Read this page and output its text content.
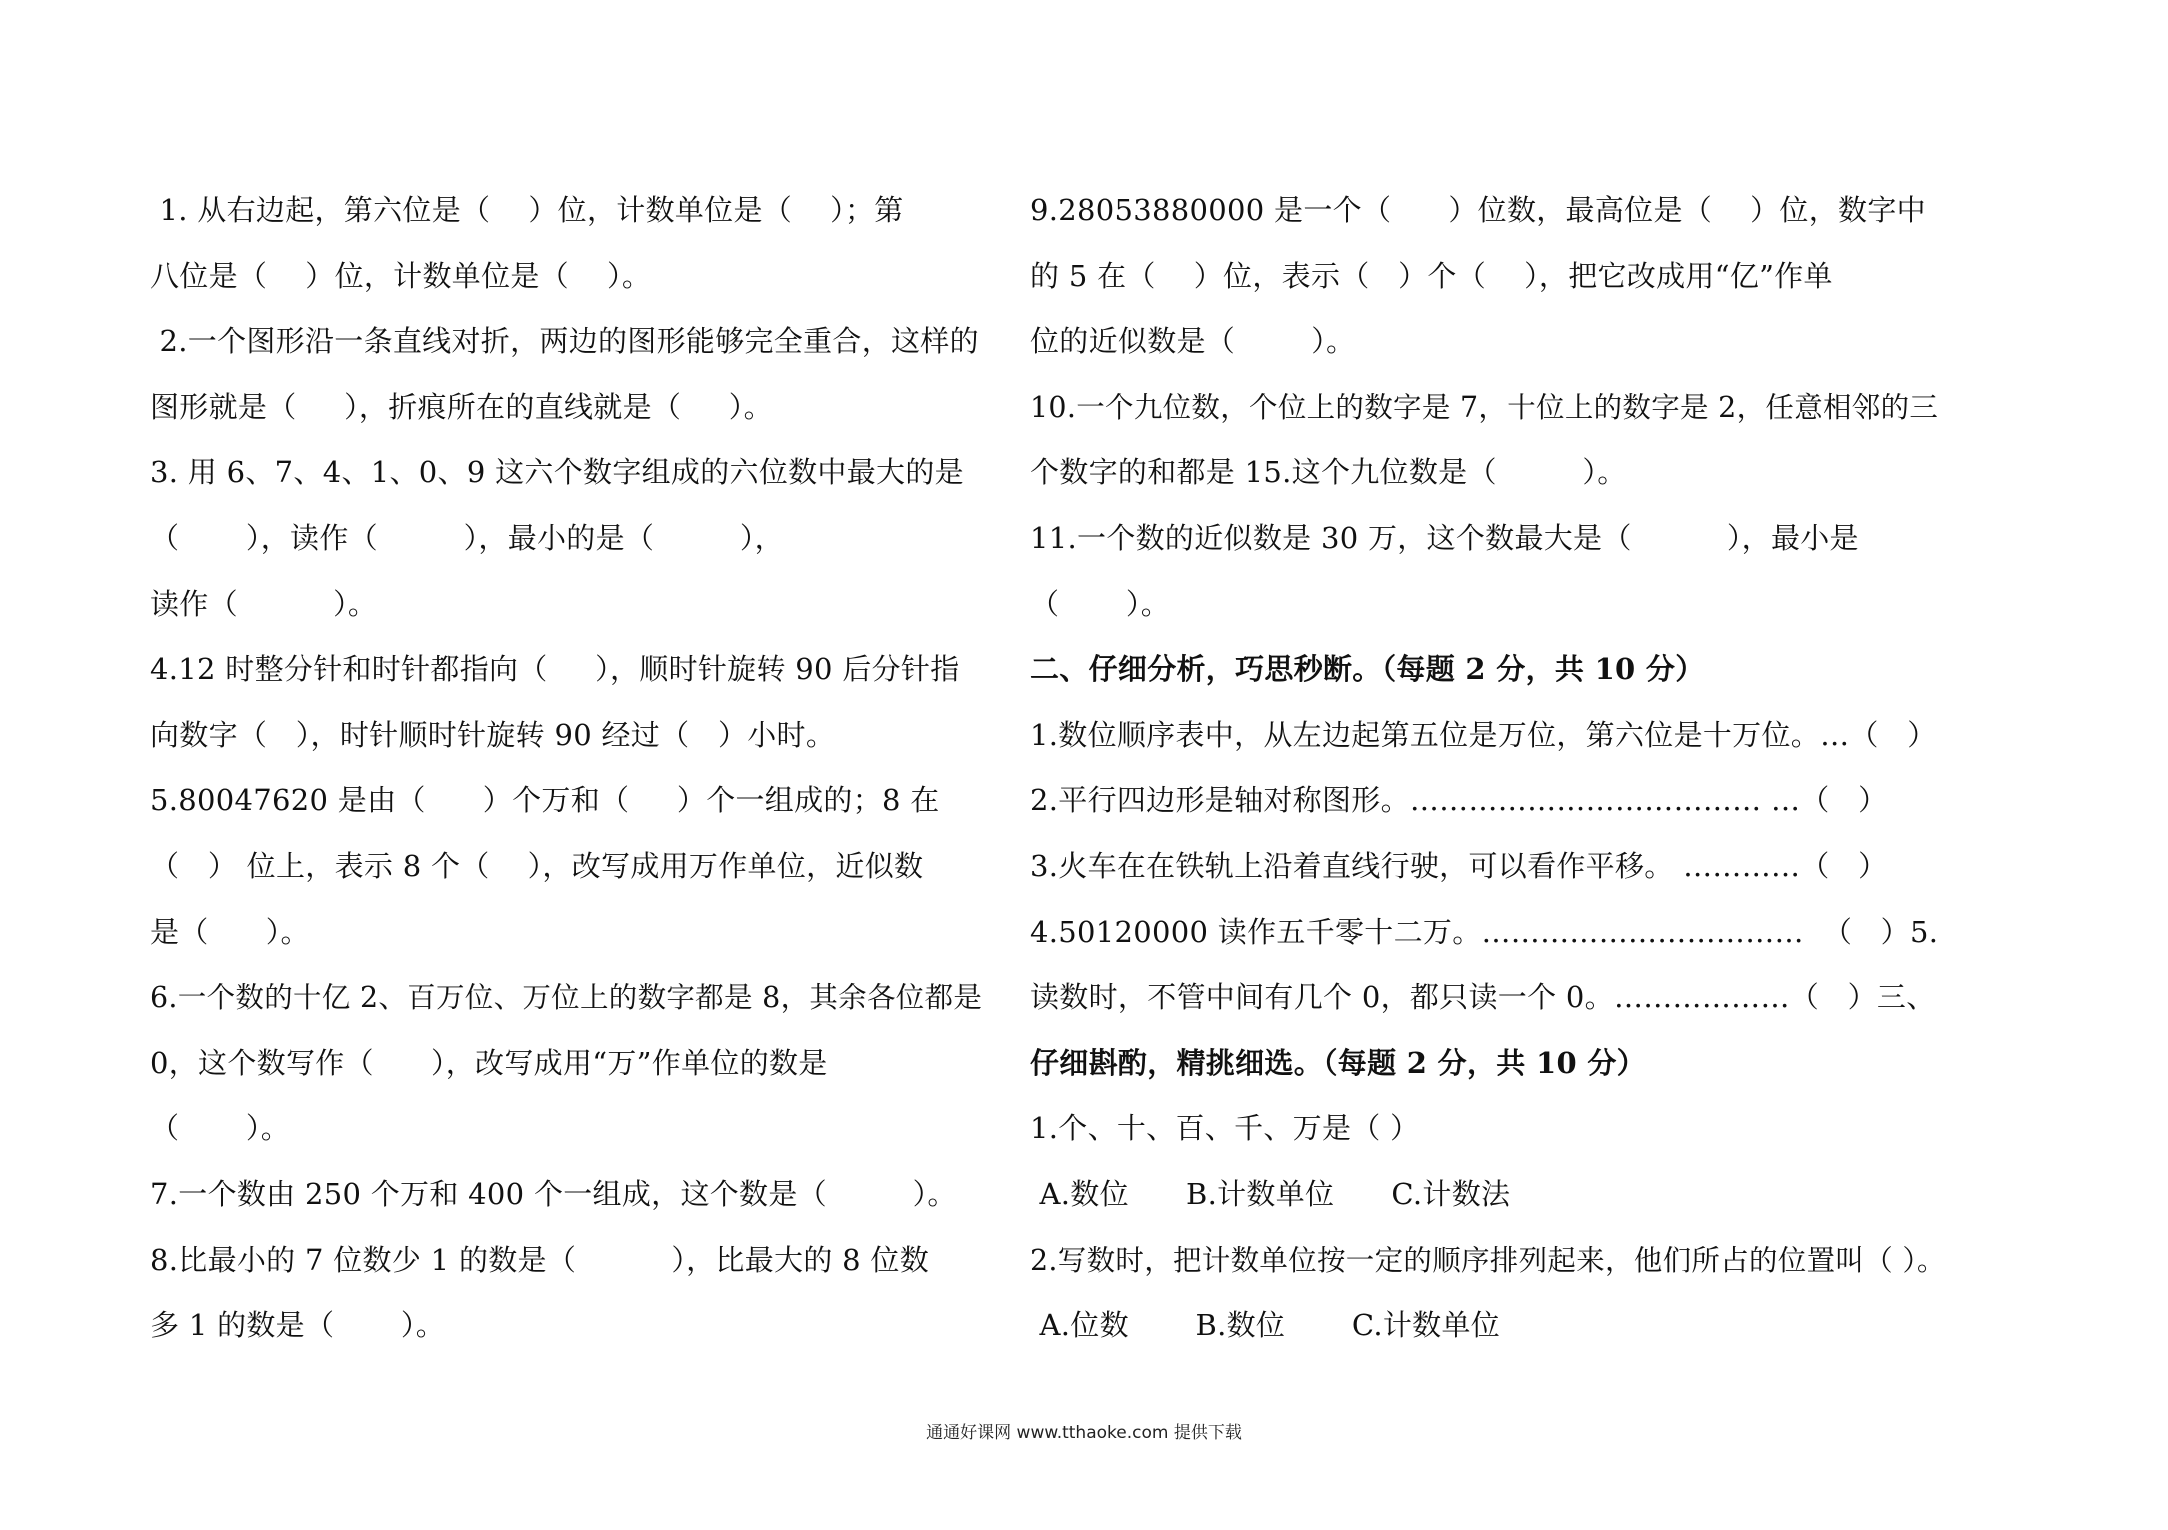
1. 从右边起，第六位是（    ）位，计数单位是（    ）；第
八位是（    ）位，计数单位是（    ）。
2.一个图形沿一条直线对折，两边的图形能够完全重合，这样的
图形就是（     ），折痕所在的直线就是（     ）。
3. 用 6、7、4、1、0、9 这六个数字组成的六位数中最大的是
（       ），读作（         ），最小的是（         ），
读作（          ）。
4.12 时整分针和时针都指向（     ），顺时针旋转 90 后分针指
向数字（   ），时针顺时针旋转 90 经过（   ）小时。
5.80047620 是由（      ）个万和（     ）个一组成的；8 在
（   ） 位上，表示 8 个（    ），改写成用万作单位，近似数
是（      ）。
6.一个数的十亿 2、百万位、万位上的数字都是 8，其余各位都是
0，这个数写作（      ），改写成用“万”作单位的数是
（       ）。
7.一个数由 250 个万和 400 个一组成，这个数是（         ）。
8.比最小的 7 位数少 1 的数是（          ），比最大的 8 位数
多 1 的数是（       ）。
9.28053880000 是一个（      ）位数，最高位是（    ）位，数字中
的 5 在（    ）位，表示（   ）个（    ），把它改成用“亿”作单
位的近似数是（        ）。
10.一个九位数，个位上的数字是 7，十位上的数字是 2，任意相邻的三
个数字的和都是 15.这个九位数是（         ）。
11.一个数的近似数是 30 万，这个数最大是（          ），最小是
（       ）。
二、仔细分析，巧思秒断。（每题 2 分，共 10 分）
1.数位顺序表中，从左边起第五位是万位，第六位是十万位。…（   ）
2.平行四边形是轴对称图形。……………………………… …（   ）
3.火车在在铁轨上沿着直线行驶，可以看作平移。 …………（   ）
4.50120000 读作五千零十二万。……………………………  （   ）5.
读数时，不管中间有几个 0，都只读一个 0。………………（   ）三、
仔细斟酌，精挑细选。（每题 2 分，共 10 分）
1.个、十、百、千、万是（ ）
A.数位      B.计数单位      C.计数法
2.写数时，把计数单位按一定的顺序排列起来，他们所占的位置叫（ ）。
A.位数       B.数位       C.计数单位
通通好课网 www.tthaoke.com 提供下载
